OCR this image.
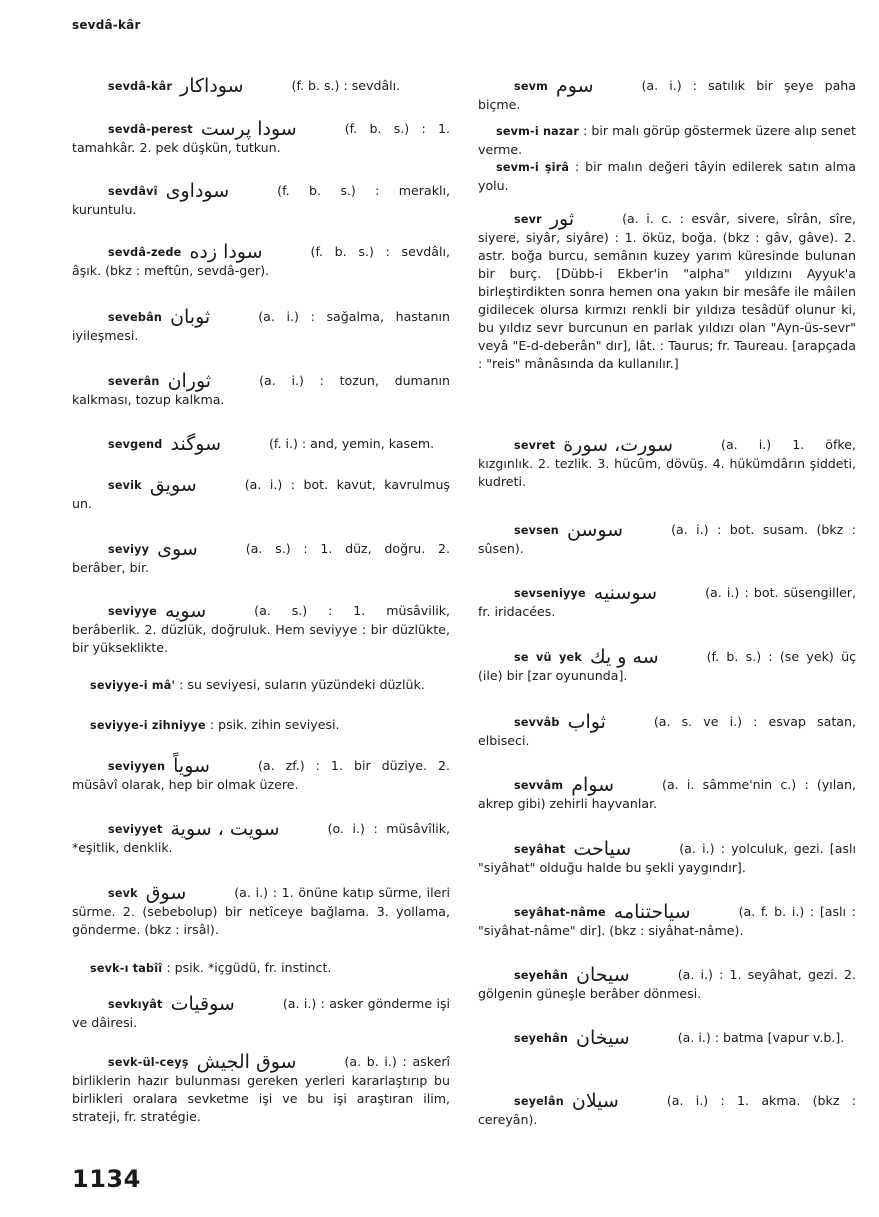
sevdâ-kâr
sevdâ-kâr سوداكار	(f. b. s.) : sevdâlı.
sevdâ-perest سودا پرست	(f. b. s.) : 1. tamahkâr. 2. pek düşkün, tutkun.
sevdâvî سوداوى	(f. b. s.) : meraklı, kuruntulu.
sevdâ-zede سودا زده	(f. b. s.) : sevdâlı, âşık. (bkz : meftûn, sevdâ-ger).
sevebân ثوبان	(a. i.) : sağalma, hastanın iyileşmesi.
severân ثوران	(a. i.) : tozun, dumanın kalkması, tozup kalkma.
sevgend سوگند	(f. i.) : and, yemin, kasem.
sevik سويق	(a. i.) : bot. kavut, kavrulmuş un.
seviyy سوى	(a. s.) : 1. düz, doğru. 2. berâber, bir.
seviyye سويه	(a. s.) : 1. müsâvilik, berâberlik. 2. düzlük, doğruluk. Hem seviyye : bir düzlükte, bir yükseklikte.
seviyye-i mâ' : su seviyesi, suların yüzündeki düzlük.
seviyye-i zihniyye : psik. zihin seviyesi.
seviyyen سوياً	(a. zf.) : 1. bir düziye. 2. müsâvî olarak, hep bir olmak üzere.
seviyyet سويت ، سوية	(o. i.) : müsâvîlik, *eşitlik, denklik.
sevk سوق	(a. i.) : 1. önüne katıp sürme, ileri sürme. 2. (sebebolup) bir netîceye bağlama. 3. yollama, gönderme. (bkz : irsâl).
sevk-ı tabîî : psik. *içgüdü, fr. instinct.
sevkıyât سوقيات	(a. i.) : asker gönderme işi ve dâiresi.
sevk-ül-ceyş سوق الجيش	(a. b. i.) : askerî birliklerin hazır bulunması gereken yerleri kararlaştırıp bu birlikleri oralara sevketme işi ve bu işi araştıran ilim, strateji, fr. stratégie.
sevm سوم	(a. i.) : satılık bir şeye paha biçme.
sevm-i nazar : bir malı görüp göstermek üzere alıp senet verme.
sevm-i şirâ : bir malın değeri tâyin edilerek satın alma yolu.
sevr ثور	(a. i. c. : esvâr, sivere, sîrân, sîre, siyere, siyâr, siyâre) : 1. öküz, boğa. (bkz : gâv, gâve). 2. astr. boğa burcu, semânın kuzey yarım küresinde bulunan bir burç. [Dübb-i Ekber'in "alpha" yıldızını Ayyuk'a birleştirdikten sonra hemen ona yakın bir mesâfe ile mâilen gidilecek olursa kırmızı renkli bir yıldıza tesâdüf olunur ki, bu yıldız sevr burcunun en parlak yıldızı olan "Ayn-üs-sevr" veyâ "E-d-deberân" dır], lât. : Taurus; fr. Taureau. [arapçada : "reis" mânâsında da kullanılır.]
sevret سورت، سورة	(a. i.) 1. öfke, kızgınlık. 2. tezlik. 3. hücûm, dövüş. 4. hükümdârın şiddeti, kudreti.
sevsen سوسن	(a. i.) : bot. susam. (bkz : sûsen).
sevseniyye سوسنيه	(a. i.) : bot. süsengiller, fr. iridacées.
se vü yek سه و يك	(f. b. s.) : (se yek) üç (ile) bir [zar oyununda].
sevvâb ثواب	(a. s. ve i.) : esvap satan, elbiseci.
sevvâm سوام	(a. i. sâmme'nin c.) : (yılan, akrep gibi) zehirli hayvanlar.
seyâhat سياحت	(a. i.) : yolculuk, gezi. [aslı "siyâhat" olduğu halde bu şekli yaygındır].
seyâhat-nâme سياحتنامه	(a. f. b. i.) : [aslı : "siyâhat-nâme" dir]. (bkz : siyâhat-nâme).
seyehân سيحان	(a. i.) : 1. seyâhat, gezi. 2. gölgenin güneşle berâber dönmesi.
seyehân سيخان	(a. i.) : batma [vapur v.b.].
seyelân سيلان	(a. i.) : 1. akma. (bkz : cereyân).
1134
